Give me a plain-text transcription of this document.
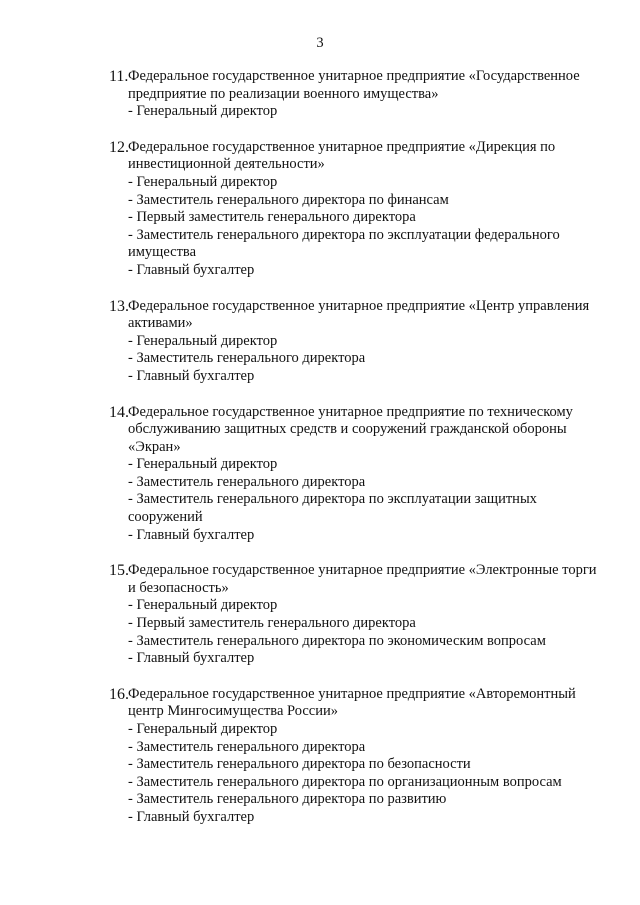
3
11. Федеральное государственное унитарное предприятие «Государственное предприятие по реализации военного имущества»

- Генеральный директор
12. Федеральное государственное унитарное предприятие «Дирекция по инвестиционной деятельности»

- Генеральный директор
- Заместитель генерального директора по финансам
- Первый заместитель генерального директора
- Заместитель генерального директора по эксплуатации федерального имущества
- Главный бухгалтер
13. Федеральное государственное унитарное предприятие «Центр управления активами»

- Генеральный директор
- Заместитель генерального директора
- Главный бухгалтер
14. Федеральное государственное унитарное предприятие по техническому обслуживанию защитных средств и сооружений гражданской обороны «Экран»

- Генеральный директор
- Заместитель генерального директора
- Заместитель генерального директора по эксплуатации защитных сооружений
- Главный бухгалтер
15. Федеральное государственное унитарное предприятие «Электронные торги и безопасность»

- Генеральный директор
- Первый заместитель генерального директора
- Заместитель генерального директора по экономическим вопросам
- Главный бухгалтер
16. Федеральное государственное унитарное предприятие «Авторемонтный центр Мингосимущества России»

- Генеральный директор
- Заместитель генерального директора
- Заместитель генерального директора по безопасности
- Заместитель генерального директора по организационным вопросам
- Заместитель генерального директора по развитию
- Главный бухгалтер
